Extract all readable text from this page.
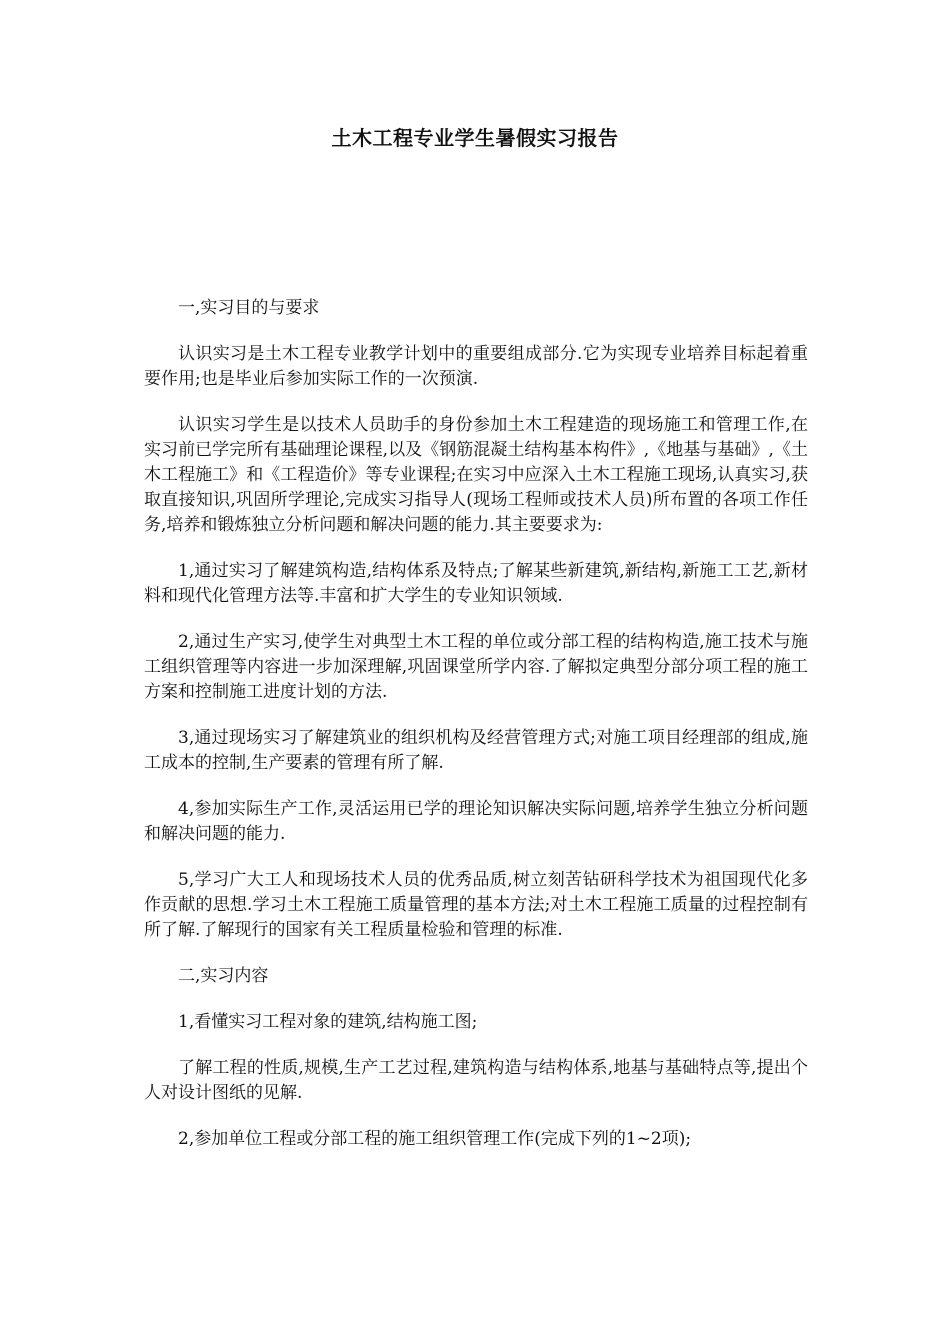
土木工程专业学生暑假实习报告

一,实习目的与要求

认识实习是土木工程专业教学计划中的重要组成部分.它为实现专业培养目标起着重要作用;也是毕业后参加实际工作的一次预演.

认识实习学生是以技术人员助手的身份参加土木工程建造的现场施工和管理工作,在实习前已学完所有基础理论课程,以及《钢筋混凝土结构基本构件》,《地基与基础》,《土木工程施工》和《工程造价》等专业课程;在实习中应深入土木工程施工现场,认真实习,获取直接知识,巩固所学理论,完成实习指导人(现场工程师或技术人员)所布置的各项工作任务,培养和锻炼独立分析问题和解决问题的能力.其主要要求为:

1,通过实习了解建筑构造,结构体系及特点;了解某些新建筑,新结构,新施工工艺,新材料和现代化管理方法等.丰富和扩大学生的专业知识领域.

2,通过生产实习,使学生对典型土木工程的单位或分部工程的结构构造,施工技术与施工组织管理等内容进一步加深理解,巩固课堂所学内容.了解拟定典型分部分项工程的施工方案和控制施工进度计划的方法.

3,通过现场实习了解建筑业的组织机构及经营管理方式;对施工项目经理部的组成,施工成本的控制,生产要素的管理有所了解.

4,参加实际生产工作,灵活运用已学的理论知识解决实际问题,培养学生独立分析问题和解决问题的能力.

5,学习广大工人和现场技术人员的优秀品质,树立刻苦钻研科学技术为祖国现代化多作贡献的思想.学习土木工程施工质量管理的基本方法;对土木工程施工质量的过程控制有所了解.了解现行的国家有关工程质量检验和管理的标准.

二,实习内容

1,看懂实习工程对象的建筑,结构施工图;

了解工程的性质,规模,生产工艺过程,建筑构造与结构体系,地基与基础特点等,提出个人对设计图纸的见解.

2,参加单位工程或分部工程的施工组织管理工作(完成下列的1~2项);
